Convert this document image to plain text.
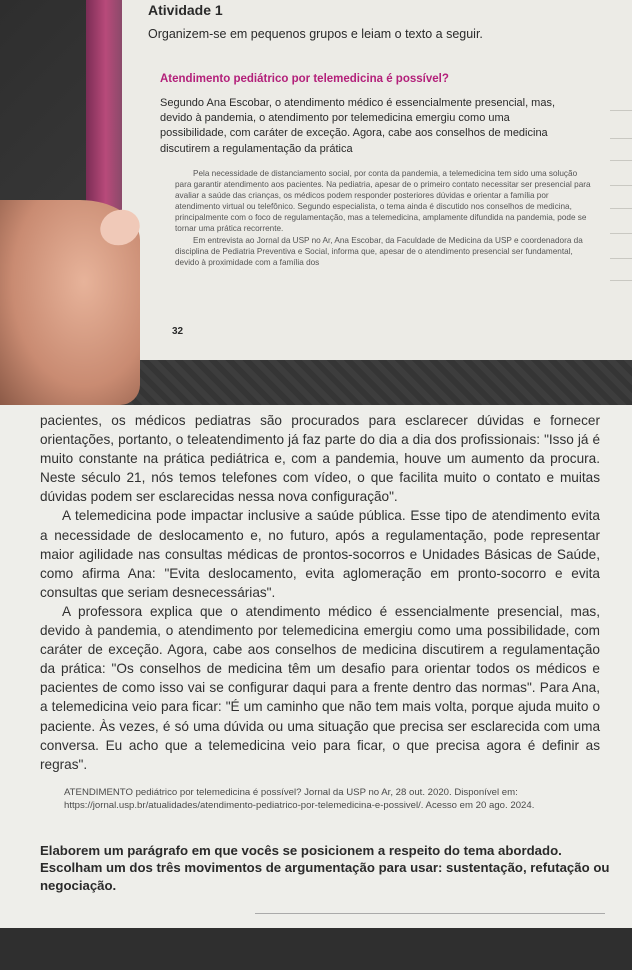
Atividade 1
Organizem-se em pequenos grupos e leiam o texto a seguir.
Atendimento pediátrico por telemedicina é possível?
Segundo Ana Escobar, o atendimento médico é essencialmente presencial, mas, devido à pandemia, o atendimento por telemedicina emergiu como uma possibilidade, com caráter de exceção. Agora, cabe aos conselhos de medicina discutirem a regulamentação da prática
Pela necessidade de distanciamento social, por conta da pandemia, a telemedicina tem sido uma solução para garantir atendimento aos pacientes. Na pediatria, apesar de o primeiro contato necessitar ser presencial para avaliar a saúde das crianças, os médicos podem responder posteriores dúvidas e orientar a família por atendimento virtual ou telefônico. Segundo especialista, o tema ainda é discutido nos conselhos de medicina, principalmente com o foco de regulamentação, mas a telemedicina, amplamente difundida na pandemia, pode se tornar uma prática recorrente.
Em entrevista ao Jornal da USP no Ar, Ana Escobar, da Faculdade de Medicina da USP e coordenadora da disciplina de Pediatria Preventiva e Social, informa que, apesar de o atendimento presencial ser fundamental, devido à proximidade com a família dos
32

pacientes, os médicos pediatras são procurados para esclarecer dúvidas e fornecer orientações, portanto, o teleatendimento já faz parte do dia a dia dos profissionais: "Isso já é muito constante na prática pediátrica e, com a pandemia, houve um aumento da procura. Neste século 21, nós temos telefones com vídeo, o que facilita muito o contato e muitas dúvidas podem ser esclarecidas nessa nova configuração".

A telemedicina pode impactar inclusive a saúde pública. Esse tipo de atendimento evita a necessidade de deslocamento e, no futuro, após a regulamentação, pode representar maior agilidade nas consultas médicas de prontos-socorros e Unidades Básicas de Saúde, como afirma Ana: "Evita deslocamento, evita aglomeração em pronto-socorro e evita consultas que seriam desnecessárias".

A professora explica que o atendimento médico é essencialmente presencial, mas, devido à pandemia, o atendimento por telemedicina emergiu como uma possibilidade, com caráter de exceção. Agora, cabe aos conselhos de medicina discutirem a regulamentação da prática: "Os conselhos de medicina têm um desafio para orientar todos os médicos e pacientes de como isso vai se configurar daqui para a frente dentro das normas". Para Ana, a telemedicina veio para ficar: "É um caminho que não tem mais volta, porque ajuda muito o paciente. Às vezes, é só uma dúvida ou uma situação que precisa ser esclarecida com uma conversa. Eu acho que a telemedicina veio para ficar, o que precisa agora é definir as regras".

ATENDIMENTO pediátrico por telemedicina é possível? Jornal da USP no Ar, 28 out. 2020. Disponível em: https://jornal.usp.br/atualidades/atendimento-pediatrico-por-telemedicina-e-possivel/. Acesso em 20 ago. 2024.
Elaborem um parágrafo em que vocês se posicionem a respeito do tema abordado.
Escolham um dos três movimentos de argumentação para usar: sustentação, refutação ou negociação.
